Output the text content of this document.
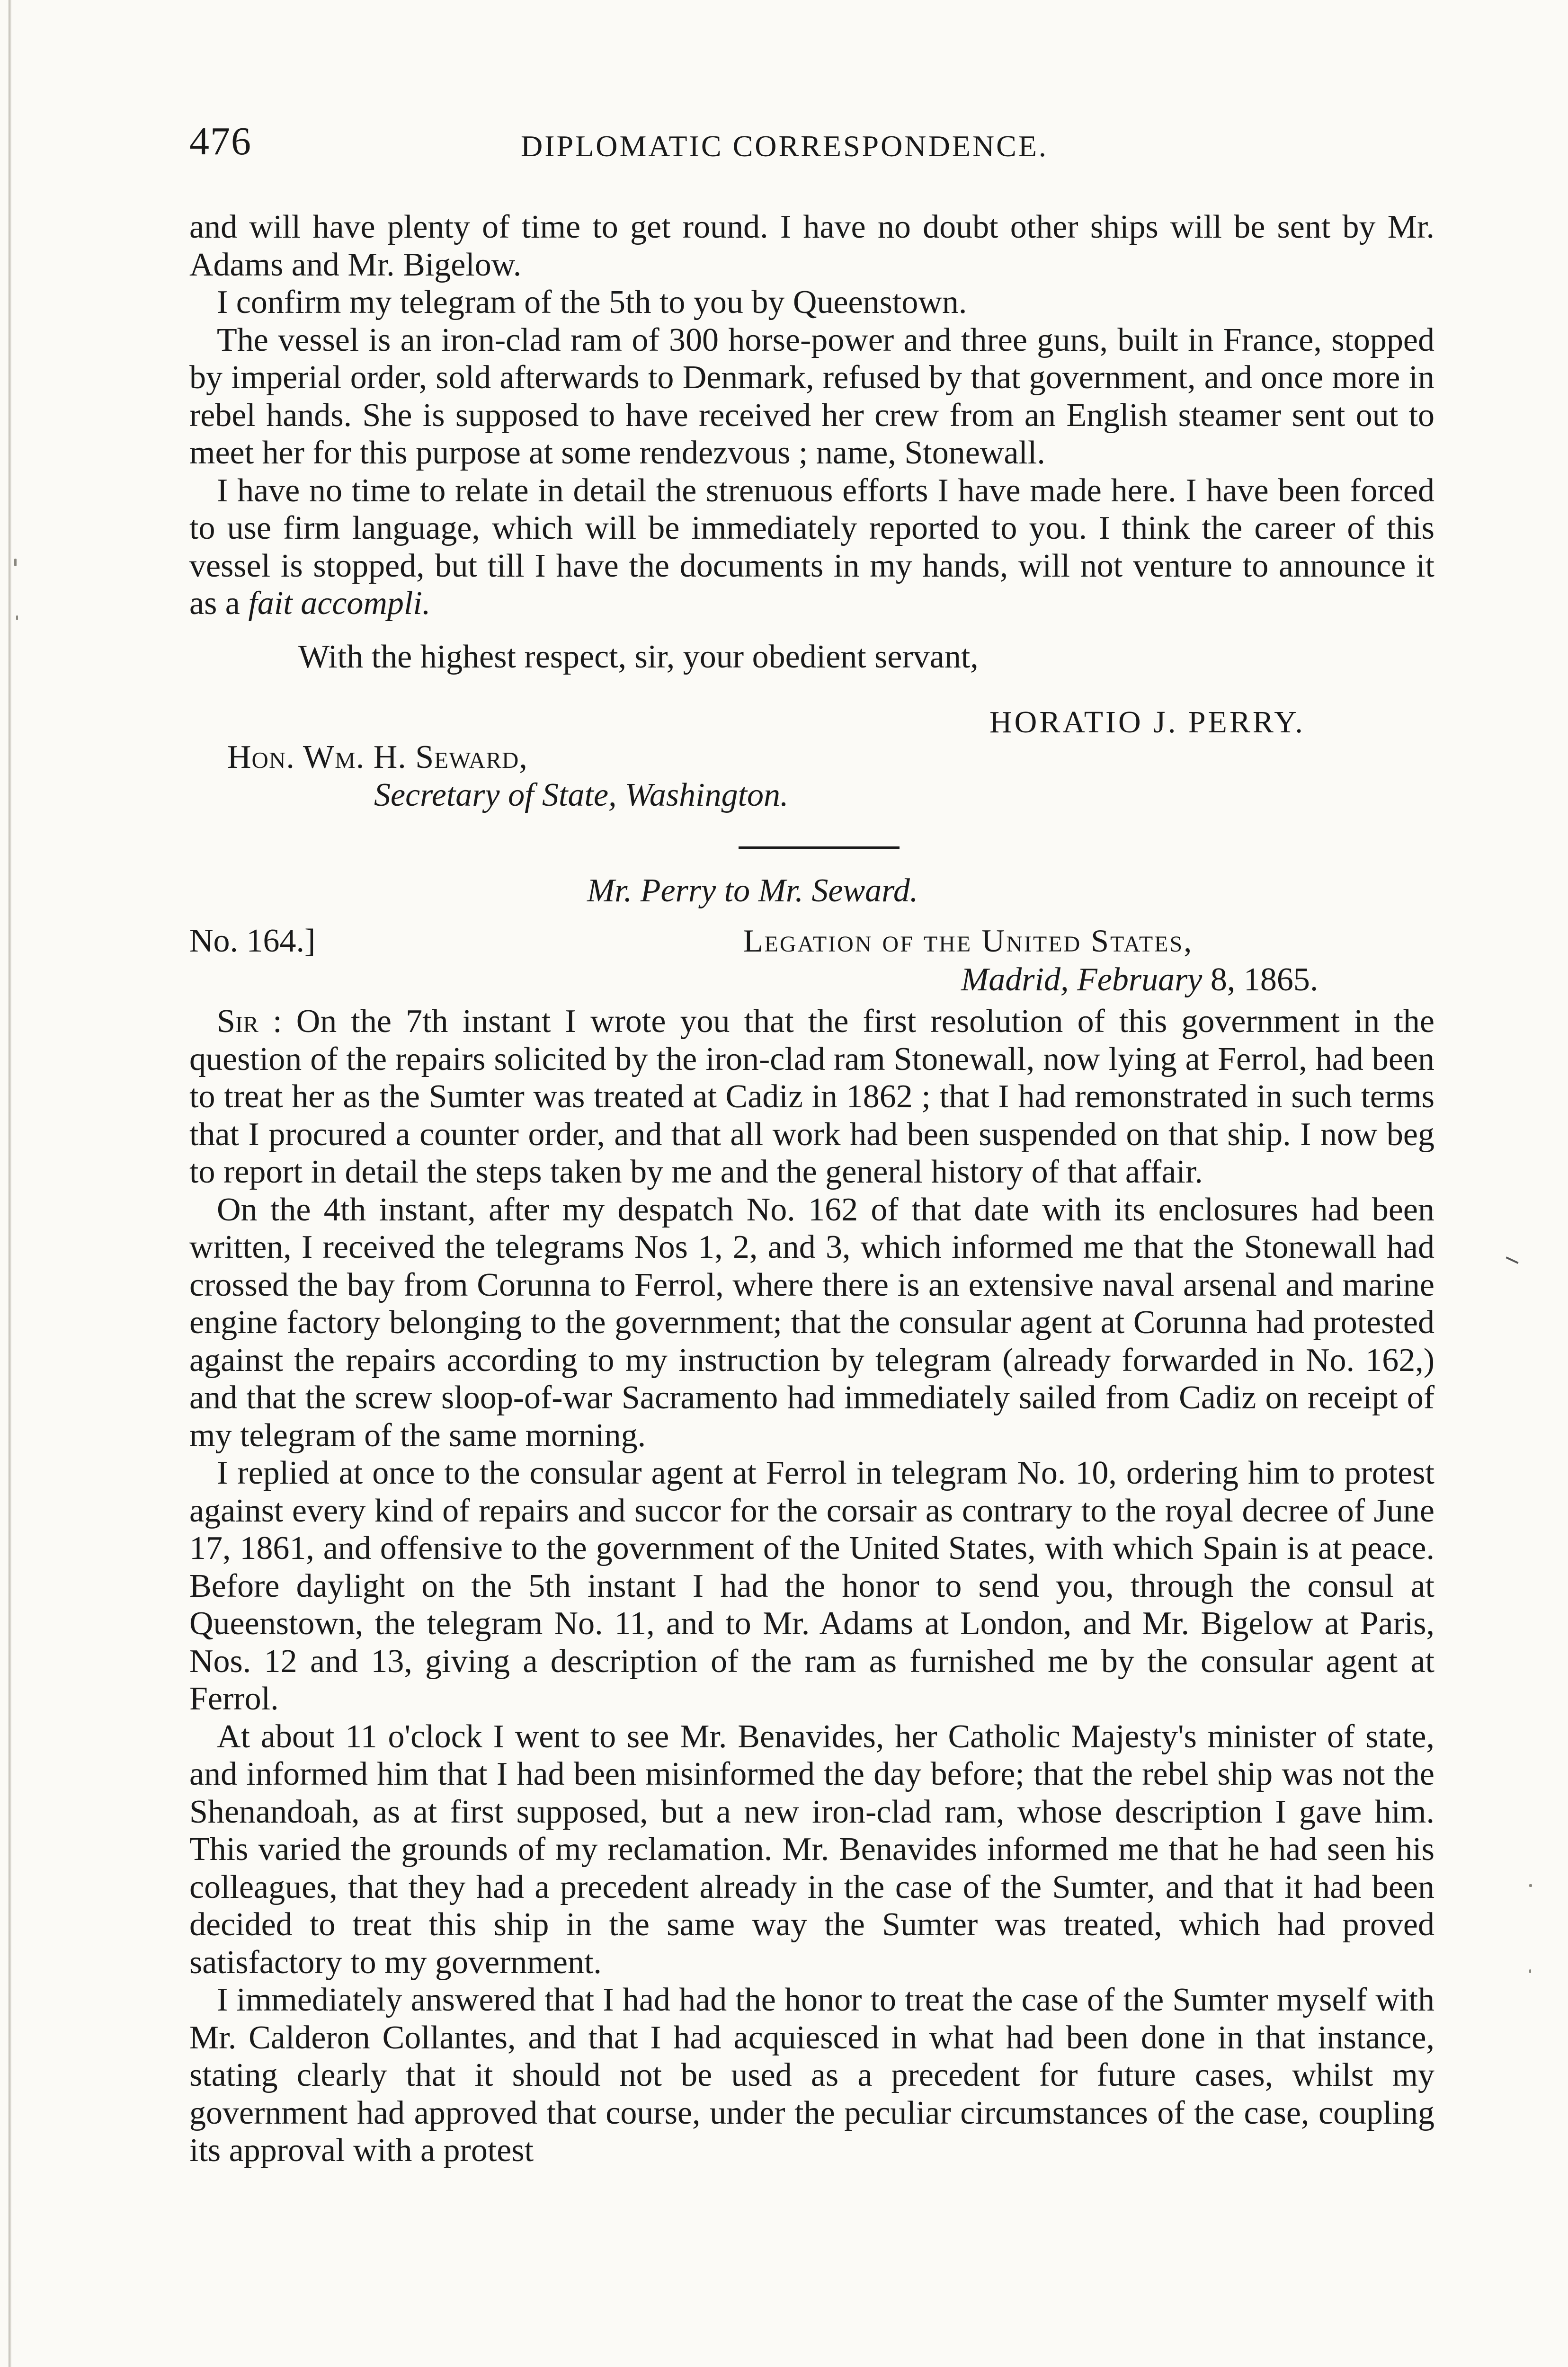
476	DIPLOMATIC CORRESPONDENCE.

and will have plenty of time to get round. I have no doubt other ships will be sent by Mr. Adams and Mr. Bigelow.

I confirm my telegram of the 5th to you by Queenstown.

The vessel is an iron-clad ram of 300 horse-power and three guns, built in France, stopped by imperial order, sold afterwards to Denmark, refused by that government, and once more in rebel hands. She is supposed to have received her crew from an English steamer sent out to meet her for this purpose at some rendezvous ; name, Stonewall.

I have no time to relate in detail the strenuous efforts I have made here. I have been forced to use firm language, which will be immediately reported to you. I think the career of this vessel is stopped, but till I have the documents in my hands, will not venture to announce it as a fait accompli.

With the highest respect, sir, your obedient servant,
HORATIO J. PERRY.
Hon. Wm. H. Seward,
Secretary of State, Washington.
Mr. Perry to Mr. Seward.
No. 164.]	Legation of the United States,
Madrid, February 8, 1865.

Sir : On the 7th instant I wrote you that the first resolution of this government in the question of the repairs solicited by the iron-clad ram Stonewall, now lying at Ferrol, had been to treat her as the Sumter was treated at Cadiz in 1862 ; that I had remonstrated in such terms that I procured a counter order, and that all work had been suspended on that ship. I now beg to report in detail the steps taken by me and the general history of that affair.

On the 4th instant, after my despatch No. 162 of that date with its enclosures had been written, I received the telegrams Nos 1, 2, and 3, which informed me that the Stonewall had crossed the bay from Corunna to Ferrol, where there is an extensive naval arsenal and marine engine factory belonging to the government; that the consular agent at Corunna had protested against the repairs according to my instruction by telegram (already forwarded in No. 162,) and that the screw sloop-of-war Sacramento had immediately sailed from Cadiz on receipt of my telegram of the same morning.

I replied at once to the consular agent at Ferrol in telegram No. 10, ordering him to protest against every kind of repairs and succor for the corsair as contrary to the royal decree of June 17, 1861, and offensive to the government of the United States, with which Spain is at peace. Before daylight on the 5th instant I had the honor to send you, through the consul at Queenstown, the telegram No. 11, and to Mr. Adams at London, and Mr. Bigelow at Paris, Nos. 12 and 13, giving a description of the ram as furnished me by the consular agent at Ferrol.

At about 11 o'clock I went to see Mr. Benavides, her Catholic Majesty's minister of state, and informed him that I had been misinformed the day before; that the rebel ship was not the Shenandoah, as at first supposed, but a new iron-clad ram, whose description I gave him. This varied the grounds of my reclamation. Mr. Benavides informed me that he had seen his colleagues, that they had a precedent already in the case of the Sumter, and that it had been decided to treat this ship in the same way the Sumter was treated, which had proved satisfactory to my government.

I immediately answered that I had had the honor to treat the case of the Sumter myself with Mr. Calderon Collantes, and that I had acquiesced in what had been done in that instance, stating clearly that it should not be used as a precedent for future cases, whilst my government had approved that course, under the peculiar circumstances of the case, coupling its approval with a protest
